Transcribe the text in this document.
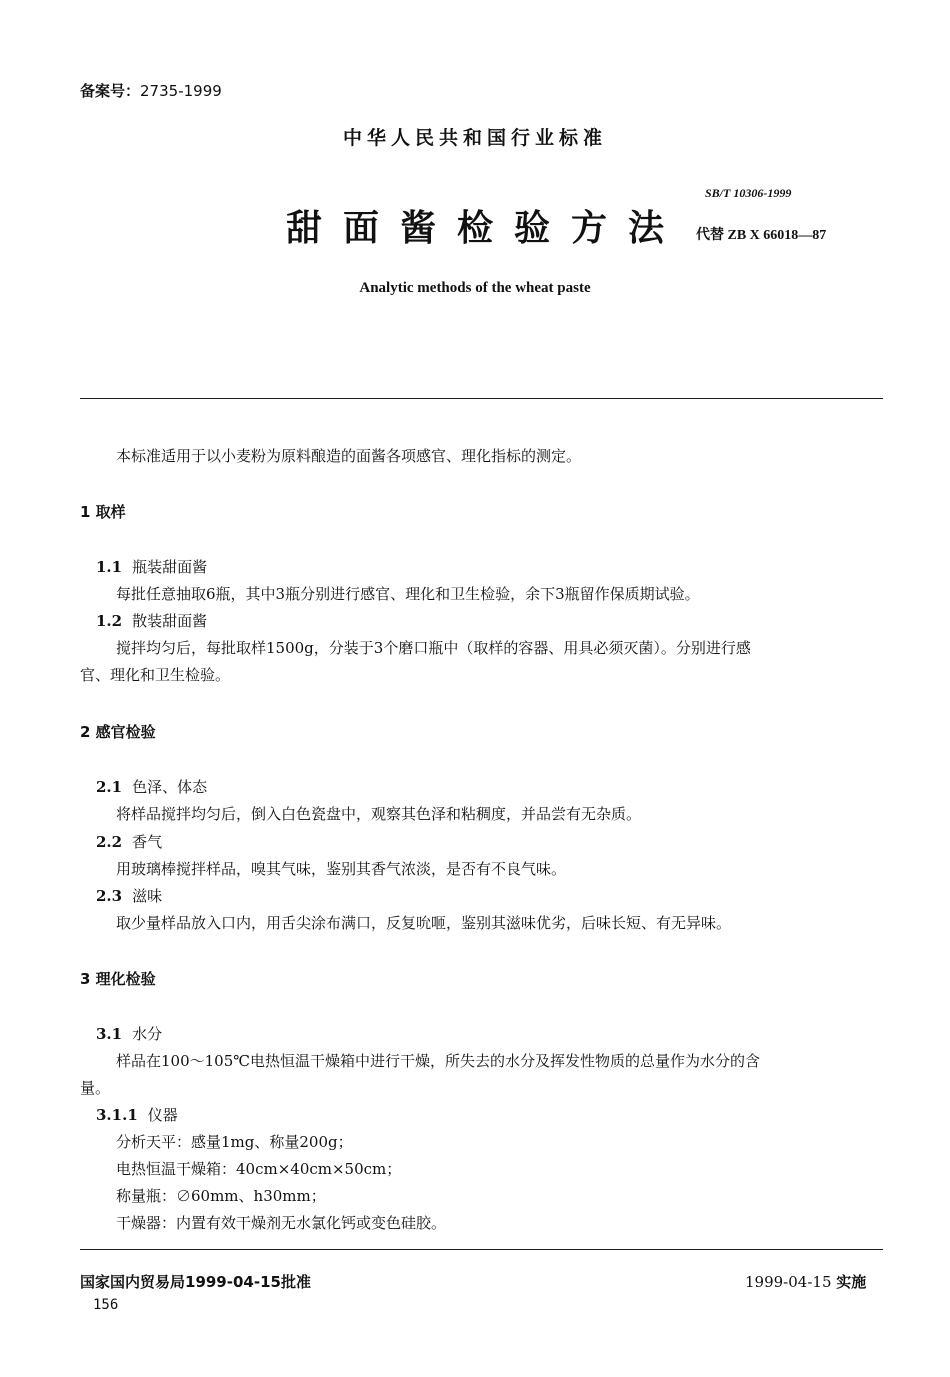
备案号：2735-1999
中华人民共和国行业标准
SB/T 10306-1999
甜面酱检验方法 代替 ZB X 66018—87
Analytic methods of the wheat paste
本标准适用于以小麦粉为原料酿造的面酱各项感官、理化指标的测定。
1 取样
1.1 瓶装甜面酱
每批任意抽取6瓶，其中3瓶分别进行感官、理化和卫生检验，余下3瓶留作保质期试验。
1.2 散装甜面酱
搅拌均匀后，每批取样1500g，分装于3个磨口瓶中（取样的容器、用具必须灭菌）。分别进行感
官、理化和卫生检验。
2 感官检验
2.1 色泽、体态
将样品搅拌均匀后，倒入白色瓷盘中，观察其色泽和粘稠度，并品尝有无杂质。
2.2 香气
用玻璃棒搅拌样品，嗅其气味，鉴别其香气浓淡，是否有不良气味。
2.3 滋味
取少量样品放入口内，用舌尖涂布满口，反复吮咂，鉴别其滋味优劣，后味长短、有无异味。
3 理化检验
3.1 水分
样品在100～105℃电热恒温干燥箱中进行干燥，所失去的水分及挥发性物质的总量作为水分的含
量。
3.1.1 仪器
分析天平：感量1mg、称量200g；
电热恒温干燥箱：40cm×40cm×50cm；
称量瓶：∅60mm、h30mm；
干燥器：内置有效干燥剂无水氯化钙或变色硅胶。
国家国内贸易局1999-04-15批准	1999-04-15 实施
156
